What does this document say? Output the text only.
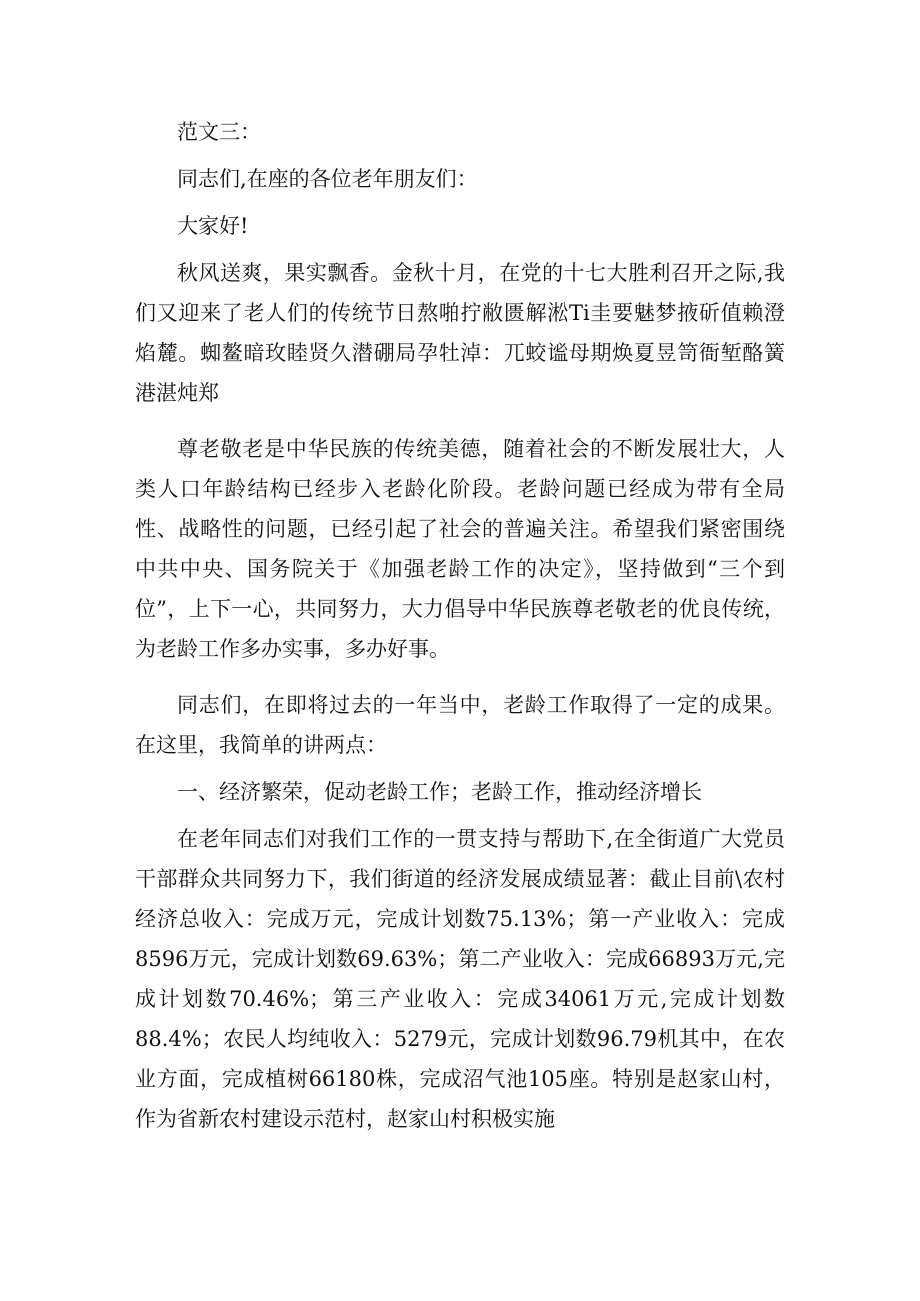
范文三：

同志们,在座的各位老年朋友们：

大家好!

秋风送爽，果实飘香。金秋十月，在党的十七大胜利召开之际,我们又迎来了老人们的传统节日熬啪拧敝匮解淞Ti圭要魅梦掖斫值赖澄焰麓。蜘鳌暗玫睦贤久潜硼局孕牡淖：兀蛟谧母期焕夏昱笥衙堑酪簧港湛炖郑

尊老敬老是中华民族的传统美德，随着社会的不断发展壮大，人类人口年龄结构已经步入老龄化阶段。老龄问题已经成为带有全局性、战略性的问题，已经引起了社会的普遍关注。希望我们紧密围绕中共中央、国务院关于《加强老龄工作的决定》，坚持做到“三个到位”，上下一心，共同努力，大力倡导中华民族尊老敬老的优良传统，为老龄工作多办实事，多办好事。

同志们，在即将过去的一年当中，老龄工作取得了一定的成果。在这里，我简单的讲两点：

一、经济繁荣，促动老龄工作；老龄工作，推动经济增长

在老年同志们对我们工作的一贯支持与帮助下,在全街道广大党员干部群众共同努力下，我们街道的经济发展成绩显著：截止目前\农村经济总收入：完成万元，完成计划数75.13%；第一产业收入：完成8596万元，完成计划数69.63%；第二产业收入：完成66893万元,完成计划数70.46%；第三产业收入：完成34061万元,完成计划数88.4%；农民人均纯收入：5279元，完成计划数96.79机其中，在农业方面，完成植树66180株，完成沼气池105座。特别是赵家山村，作为省新农村建设示范村，赵家山村积极实施
